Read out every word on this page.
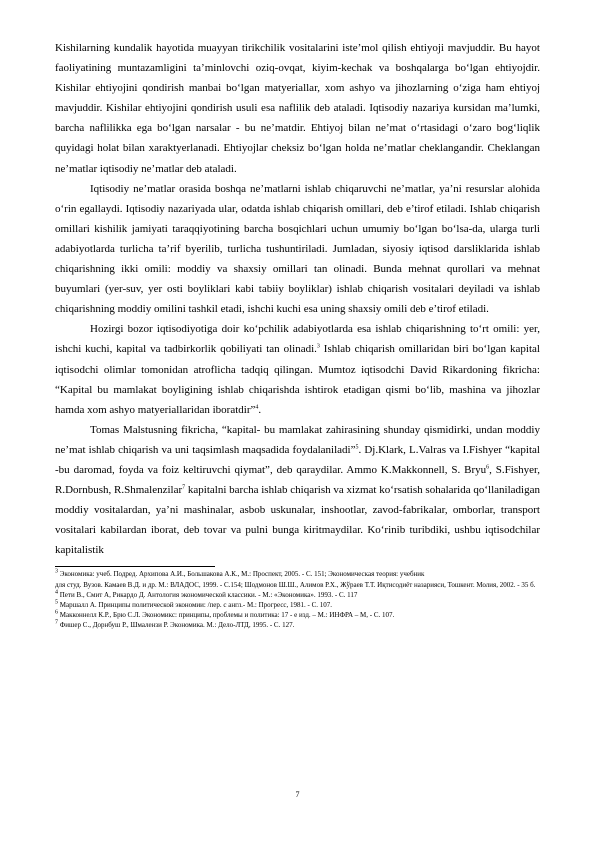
Kishilarning kundalik hayotida muayyan tirikchilik vositalarini iste’mol qilish ehtiyoji mavjuddir. Bu hayot faoliyatining muntazamligini ta’minlovchi oziq-ovqat, kiyim-kechak va boshqalarga bo‘lgan ehtiyojdir. Kishilar ehtiyojini qondirish manbai bo‘lgan matyeriallar, xom ashyo va jihozlarning o‘ziga ham ehtiyoj mavjuddir. Kishilar ehtiyojini qondirish usuli esa naflilik deb ataladi. Iqtisodiy nazariya kursidan ma’lumki, barcha naflilikka ega bo‘lgan narsalar - bu ne’matdir. Ehtiyoj bilan ne’mat o‘rtasidagi o‘zaro bog‘liqlik quyidagi holat bilan xaraktyerlanadi. Ehtiyojlar cheksiz bo‘lgan holda ne’matlar cheklangandir. Cheklangan ne’matlar iqtisodiy ne’matlar deb ataladi.

Iqtisodiy ne’matlar orasida boshqa ne’matlarni ishlab chiqaruvchi ne’matlar, ya’ni resurslar alohida o‘rin egallaydi. Iqtisodiy nazariyada ular, odatda ishlab chiqarish omillari, deb e’tirof etiladi. Ishlab chiqarish omillari kishilik jamiyati taraqqiyotining barcha bosqichlari uchun umumiy bo‘lgan bo‘lsa-da, ularga turli adabiyotlarda turlicha ta’rif byerilib, turlicha tushuntiriladi. Jumladan, siyosiy iqtisod darsliklarida ishlab chiqarishning ikki omili: moddiy va shaxsiy omillari tan olinadi. Bunda mehnat qurollari va mehnat buyumlari (yer-suv, yer osti boyliklari kabi tabiiy boyliklar) ishlab chiqarish vositalari deyiladi va ishlab chiqarishning moddiy omilini tashkil etadi, ishchi kuchi esa uning shaxsiy omili deb e’tirof etiladi.

Hozirgi bozor iqtisodiyotiga doir ko‘pchilik adabiyotlarda esa ishlab chiqarishning to‘rt omili: yer, ishchi kuchi, kapital va tadbirkorlik qobiliyati tan olinadi.$^3$ Ishlab chiqarish omillaridan biri bo‘lgan kapital iqtisodchi olimlar tomonidan atroflicha tadqiq qilingan. Mumtoz iqtisodchi David Rikardoning fikricha: “Kapital bu mamlakat boyligining ishlab chiqarishda ishtirok etadigan qismi bo‘lib, mashina va jihozlar hamda xom ashyo matyeriallaridan iboratdir”$^4$.

Tomas Malstusning fikricha, “kapital- bu mamlakat zahirasining shunday qismidirki, undan moddiy ne’mat ishlab chiqarish va uni taqsimlash maqsadida foydalaniladi”$^5$. Dj.Klark, L.Valras va I.Fishyer “kapital -bu daromad, foyda va foiz keltiruvchi qiymat”, deb qaraydilar. Ammo K.Makkonnell, S. Bryu$^6$, S.Fishyer, R.Dornbush, R.Shmalenzilar$^7$ kapitalni barcha ishlab chiqarish va xizmat ko‘rsatish sohalarida qo‘llaniladigan moddiy vositalardan, ya’ni mashinalar, asbob uskunalar, inshootlar, zavod-fabrikalar, omborlar, transport vositalari kabilardan iborat, deb tovar va pulni bunga kiritmaydilar. Ko‘rinib turibdiki, ushbu iqtisodchilar kapitalistik

$^3$ Экономика: учеб. Подред. Архипова А.И., Большакова А.К., М.: Проспект, 2005. - С. 151; Экономическая теория: учебник

для студ. Вузов. Камаев В.Д. и др. М.: ВЛАДОС, 1999. - С.154; Шодмонов Ш.Ш., Алимов Р.Х., Жўраев Т.Т. Иқтисодиёт назарияси, Тошкент. Молия, 2002. - 35 б.

$^4$ Пети В., Смит А, Рикардо Д. Антология экономической классики. - М.: «Экономика». 1993. - С. 117

$^5$ Маршалл А. Принципы политической экономии: /пер. с англ.- М.: Прогресс, 1981. - С. 107.

$^6$ Макконнелл К.Р., Брю С.Л. Экономикс: принципы, проблемы и политика: 17 - е изд. – М.: ИНФРА – М, - С. 107.

$^7$ Фишер С., Дорнбуш Р., Шмалензи Р. Экономика. М.: Дело-ЛТД, 1995. - С. 127.

7
